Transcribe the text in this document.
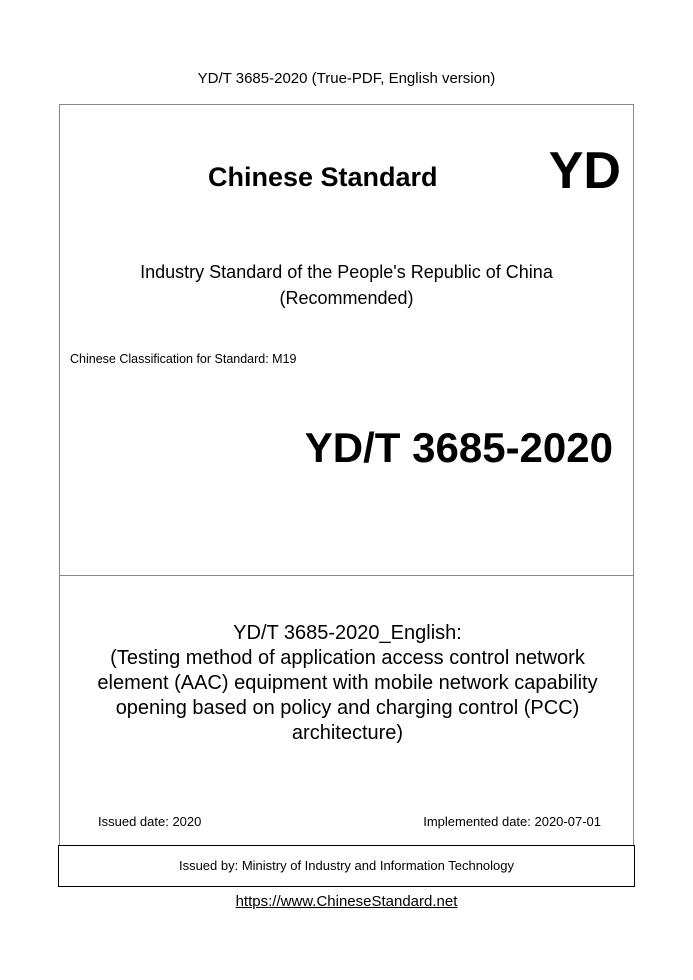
YD/T 3685-2020 (True-PDF, English version)
Chinese Standard YD
Industry Standard of the People's Republic of China
(Recommended)
Chinese Classification for Standard: M19
YD/T 3685-2020
YD/T 3685-2020_English:
(Testing method of application access control network
element (AAC) equipment with mobile network capability
opening based on policy and charging control (PCC)
architecture)
Issued date: 2020	Implemented date: 2020-07-01
Issued by: Ministry of Industry and Information Technology
https://www.ChineseStandard.net
